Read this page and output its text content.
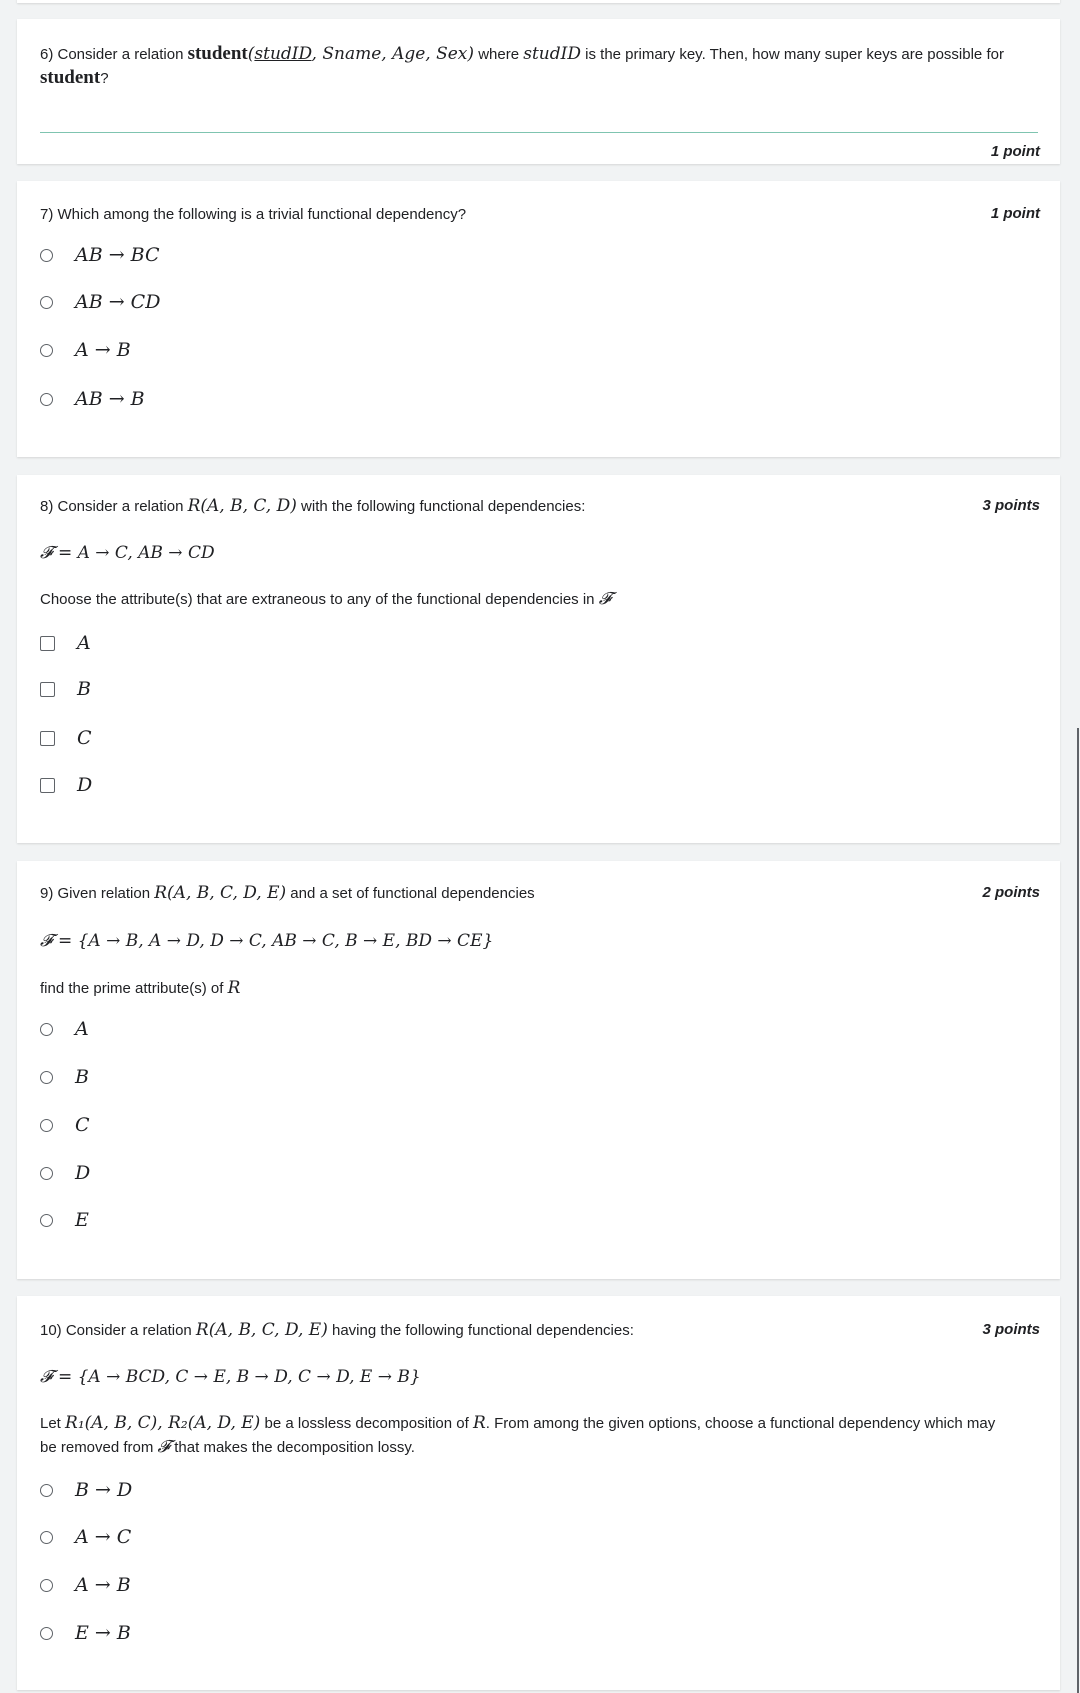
6) Consider a relation student(studID, Sname, Age, Sex) where studID is the primary key. Then, how many super keys are possible for
student?
1 point
7) Which among the following is a trivial functional dependency?	1 point
AB → BC
AB → CD
A → B
AB → B
8) Consider a relation R(A, B, C, D) with the following functional dependencies:	3 points
𝓕 = A → C, AB → CD
Choose the attribute(s) that are extraneous to any of the functional dependencies in 𝓕
A
B
C
D
9) Given relation R(A, B, C, D, E) and a set of functional dependencies	2 points
𝓕 = {A → B, A → D, D → C, AB → C, B → E, BD → CE}
find the prime attribute(s) of R
A
B
C
D
E
10) Consider a relation R(A, B, C, D, E) having the following functional dependencies:	3 points
𝓕 = {A → BCD, C → E, B → D, C → D, E → B}
Let R₁(A, B, C), R₂(A, D, E) be a lossless decomposition of R. From among the given options, choose a functional dependency which may
be removed from 𝓕 that makes the decomposition lossy.
B → D
A → C
A → B
E → B
